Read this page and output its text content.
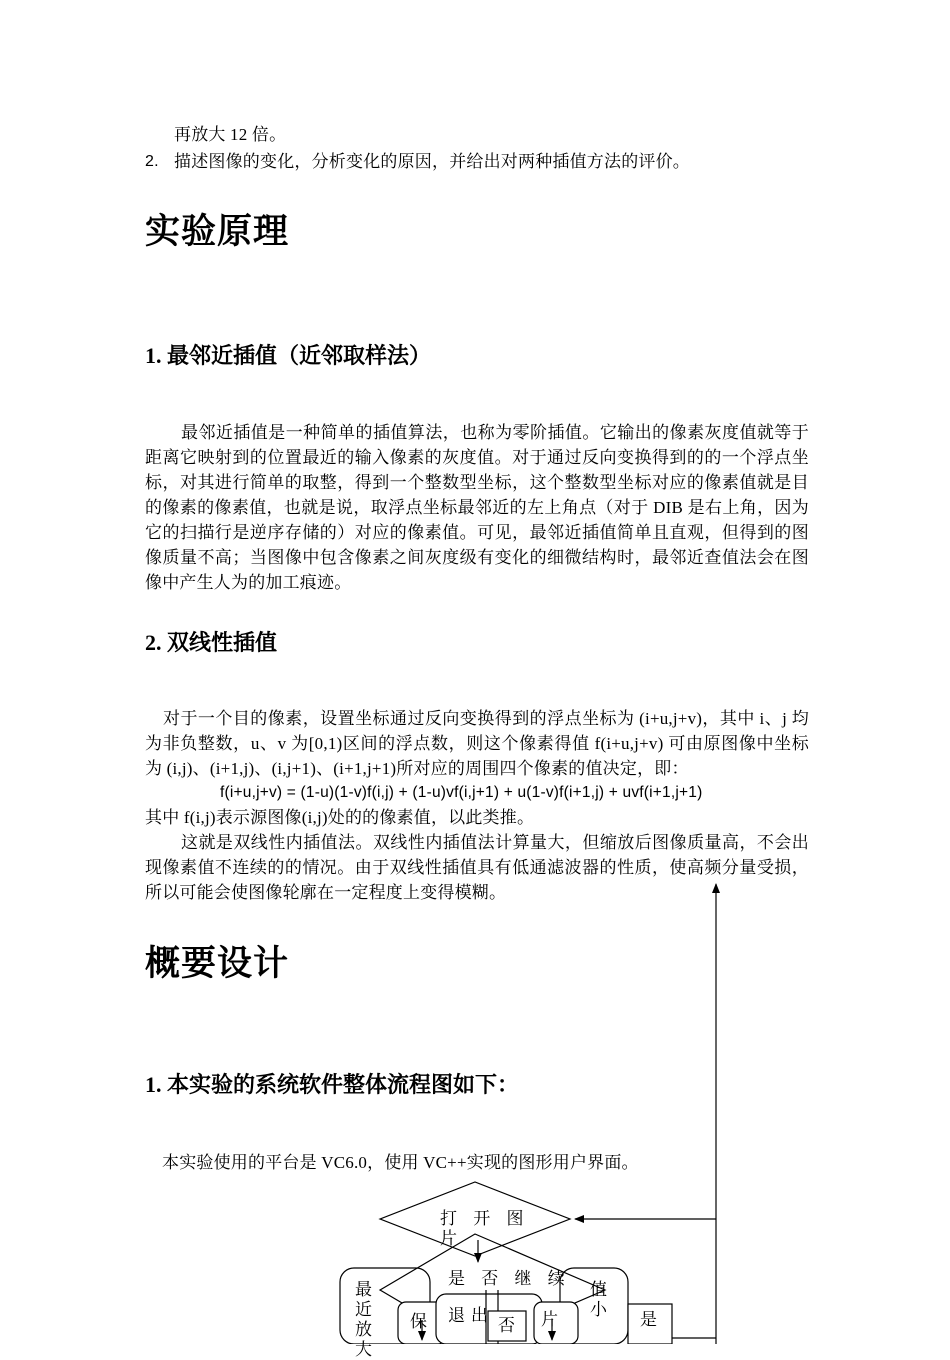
再放大 12 倍。
2. 描述图像的变化，分析变化的原因，并给出对两种插值方法的评价。
实验原理
1. 最邻近插值（近邻取样法）
最邻近插值是一种简单的插值算法，也称为零阶插值。它输出的像素灰度值就等于距离它映射到的位置最近的输入像素的灰度值。对于通过反向变换得到的的一个浮点坐标，对其进行简单的取整，得到一个整数型坐标，这个整数型坐标对应的像素值就是目的像素的像素值，也就是说，取浮点坐标最邻近的左上角点（对于 DIB 是右上角，因为它的扫描行是逆序存储的）对应的像素值。可见，最邻近插值简单且直观，但得到的图像质量不高；当图像中包含像素之间灰度级有变化的细微结构时，最邻近查值法会在图像中产生人为的加工痕迹。
2. 双线性插值
对于一个目的像素，设置坐标通过反向变换得到的浮点坐标为 (i+u,j+v)，其中 i、j 均为非负整数，u、v 为[0,1)区间的浮点数，则这个像素得值 f(i+u,j+v) 可由原图像中坐标为 (i,j)、(i+1,j)、(i,j+1)、(i+1,j+1)所对应的周围四个像素的值决定，即：
f(i+u,j+v) = (1-u)(1-v)f(i,j) + (1-u)vf(i,j+1) + u(1-v)f(i+1,j) + uvf(i+1,j+1)
其中 f(i,j)表示源图像(i,j)处的的像素值，以此类推。
这就是双线性内插值法。双线性内插值法计算量大，但缩放后图像质量高，不会出现像素值不连续的的情况。由于双线性插值具有低通滤波器的性质，使高频分量受损，所以可能会使图像轮廓在一定程度上变得模糊。
概要设计
1. 本实验的系统软件整体流程图如下：
本实验使用的平台是 VC6.0，使用 VC++实现的图形用户界面。
打 开 图 片
是 否 继 续
最 近 放大
值 小
保 退出	片
否	是
